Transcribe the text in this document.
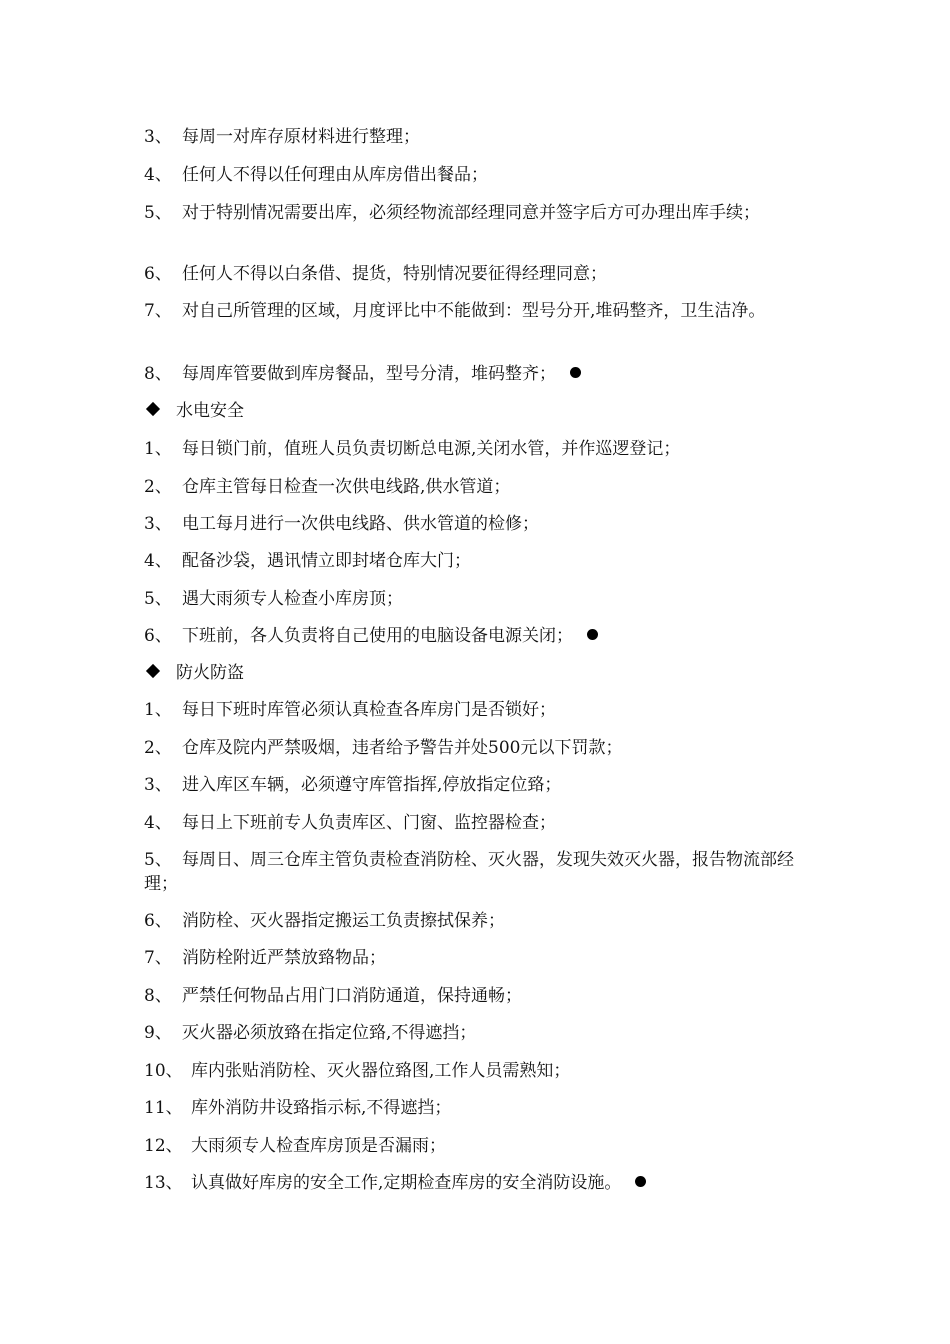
3、 每周一对库存原材料进行整理；
4、 任何人不得以任何理由从库房借出餐品；
5、 对于特别情况需要出库，必须经物流部经理同意并签字后方可办理出库手续；
6、 任何人不得以白条借、提货，特别情况要征得经理同意；
7、 对自己所管理的区域，月度评比中不能做到：型号分开,堆码整齐，卫生洁净。
8、 每周库管要做到库房餐品，型号分清，堆码整齐；
水电安全
1、 每日锁门前，值班人员负责切断总电源,关闭水管，并作巡逻登记；
2、 仓库主管每日检查一次供电线路,供水管道；
3、 电工每月进行一次供电线路、供水管道的检修；
4、 配备沙袋，遇讯情立即封堵仓库大门；
5、 遇大雨须专人检查小库房顶；
6、 下班前，各人负责将自己使用的电脑设备电源关闭；
防火防盗
1、 每日下班时库管必须认真检查各库房门是否锁好；
2、 仓库及院内严禁吸烟，违者给予警告并处500元以下罚款；
3、 进入库区车辆，必须遵守库管指挥,停放指定位臵；
4、 每日上下班前专人负责库区、门窗、监控器检查；
5、 每周日、周三仓库主管负责检查消防栓、灭火器，发现失效灭火器，报告物流部经理；
6、 消防栓、灭火器指定搬运工负责擦拭保养；
7、 消防栓附近严禁放臵物品；
8、 严禁任何物品占用门口消防通道，保持通畅；
9、 灭火器必须放臵在指定位臵,不得遮挡；
10、 库内张贴消防栓、灭火器位臵图,工作人员需熟知；
11、 库外消防井设臵指示标,不得遮挡；
12、 大雨须专人检查库房顶是否漏雨；
13、 认真做好库房的安全工作,定期检查库房的安全消防设施。
